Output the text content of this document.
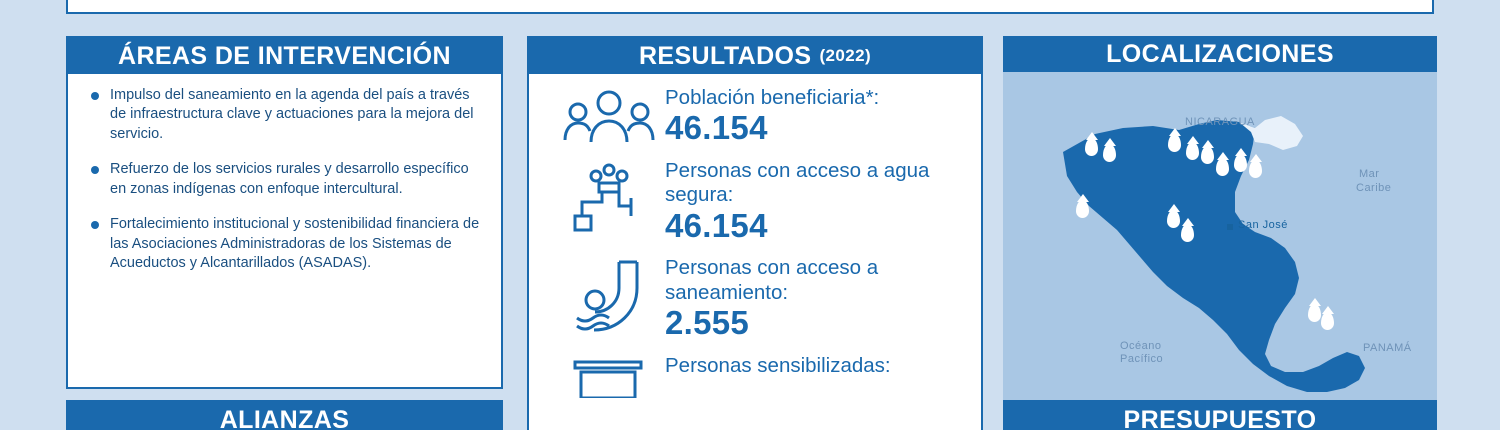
ÁREAS DE INTERVENCIÓN
Impulso del saneamiento en la agenda del país a través de infraestructura clave y actuaciones para la mejora del servicio.
Refuerzo de los servicios rurales y desarrollo específico en zonas indígenas con enfoque intercultural.
Fortalecimiento institucional y sostenibilidad financiera de las Asociaciones Administradoras de los Sistemas de Acueductos y Alcantarillados (ASADAS).
ALIANZAS
RESULTADOS (2022)
Población beneficiaria*:
46.154
Personas con acceso a agua segura:
46.154
Personas con acceso a saneamiento:
2.555
Personas sensibilizadas:
LOCALIZACIONES
NICARAGUA
Mar
Caribe
Océano
Pacífico
PANAMÁ
San José
PRESUPUESTO
